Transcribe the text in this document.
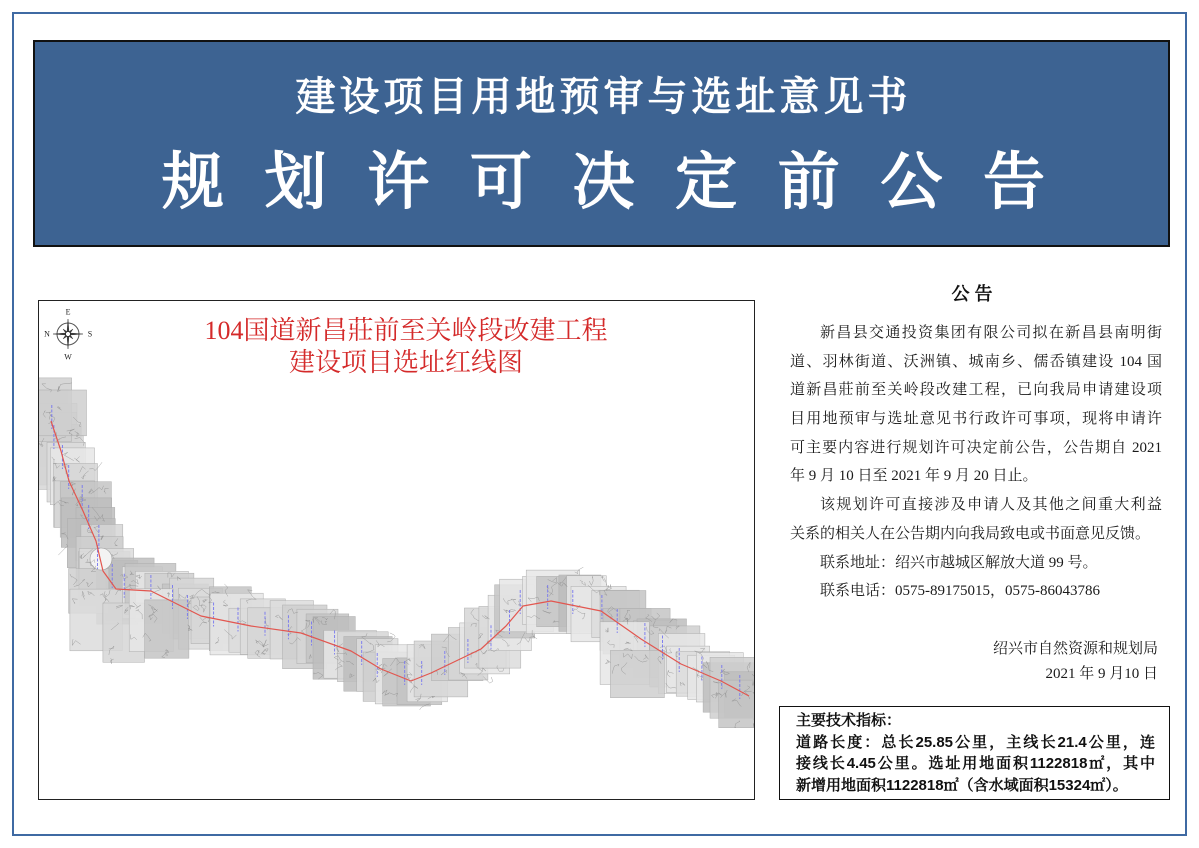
建设项目用地预审与选址意见书
规 划 许 可 决 定 前 公 告
E
N	S
W
104国道新昌莊前至关岭段改建工程
建设项目选址红线图
公 告
新昌县交通投资集团有限公司拟在新昌县南明街
道、羽林街道、沃洲镇、城南乡、儒岙镇建设 104 国
道新昌莊前至关岭段改建工程，已向我局申请建设项
目用地预审与选址意见书行政许可事项，现将申请许
可主要内容进行规划许可决定前公告，公告期自 2021
年 9 月 10 日至 2021 年 9 月 20 日止。
该规划许可直接涉及申请人及其他之间重大利益
关系的相关人在公告期内向我局致电或书面意见反馈。
联系地址：绍兴市越城区解放大道 99 号。
联系电话：0575-89175015，0575-86043786
绍兴市自然资源和规划局
2021 年 9 月10 日
主要技术指标：
道路长度：总长25.85公里，主线长21.4公里，连
接线长4.45公里。选址用地面积1122818㎡，其中
新增用地面积1122818㎡（含水域面积15324㎡）。
